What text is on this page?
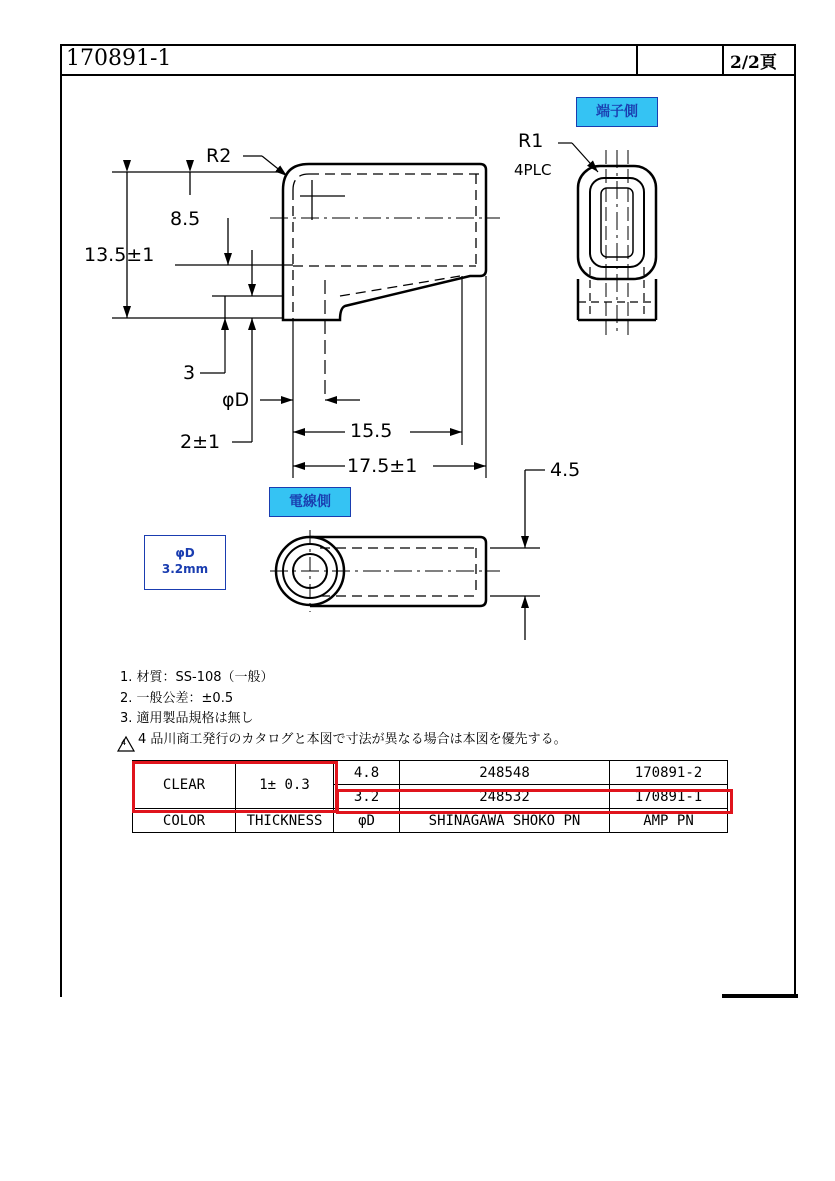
170891-1	2/2頁
R2
8.5
13.5±1
3
φD
2±1	15.5
17.5±1	4.5
R1
4PLC
端子側
電線側
φD
3.2mm
1. 材質：SS-108（一般）
2. 一般公差：±0.5
3. 適用製品規格は無し
4 4 品川商工発行のカタログと本図で寸法が異なる場合は本図を優先する。
CLEAR	1± 0.3	4.8	248548	170891-2
		3.2	248532	170891-1
COLOR	THICKNESS	φD	SHINAGAWA SHOKO PN	AMP PN
